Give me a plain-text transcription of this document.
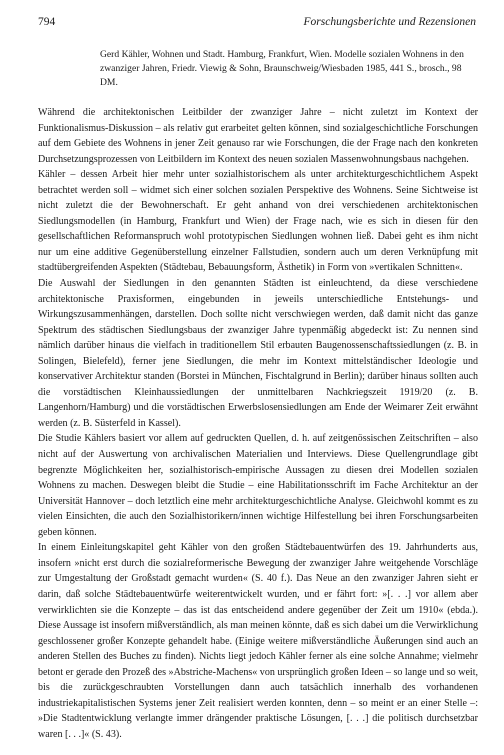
794	Forschungsberichte und Rezensionen

Gerd Kähler, Wohnen und Stadt. Hamburg, Frankfurt, Wien. Modelle sozialen Wohnens in den zwanziger Jahren, Friedr. Viewig & Sohn, Braunschweig/Wiesbaden 1985, 441 S., brosch., 98 DM.

Während die architektonischen Leitbilder der zwanziger Jahre – nicht zuletzt im Kontext der Funktionalismus-Diskussion – als relativ gut erarbeitet gelten können, sind sozialgeschichtliche Forschungen auf dem Gebiete des Wohnens in jener Zeit genauso rar wie Forschungen, die der Frage nach den konkreten Durchsetzungsprozessen von Leitbildern im Kontext des neuen sozialen Massenwohnungsbaus nachgehen.

Kähler – dessen Arbeit hier mehr unter sozialhistorischem als unter architekturgeschichtlichem Aspekt betrachtet werden soll – widmet sich einer solchen sozialen Perspektive des Wohnens. Seine Sichtweise ist nicht zuletzt die der Bewohnerschaft. Er geht anhand von drei verschiedenen architektonischen Siedlungsmodellen (in Hamburg, Frankfurt und Wien) der Frage nach, wie es sich in diesen für den gesellschaftlichen Reformanspruch wohl prototypischen Siedlungen wohnen ließ. Dabei geht es ihm nicht nur um eine additive Gegenüberstellung einzelner Fallstudien, sondern auch um deren Verknüpfung mit stadtübergreifenden Aspekten (Städtebau, Bebauungsform, Ästhetik) in Form von »vertikalen Schnitten«.

Die Auswahl der Siedlungen in den genannten Städten ist einleuchtend, da diese verschiedene architektonische Praxisformen, eingebunden in jeweils unterschiedliche Entstehungs- und Wirkungszusammenhängen, darstellen. Doch sollte nicht verschwiegen werden, daß damit nicht das ganze Spektrum des städtischen Siedlungsbaus der zwanziger Jahre typenmäßig abgedeckt ist: Zu nennen sind nämlich darüber hinaus die vielfach in traditionellem Stil erbauten Baugenossenschaftssiedlungen (z. B. in Solingen, Bielefeld), ferner jene Siedlungen, die mehr im Kontext mittelständischer Ideologie und konservativer Architektur standen (Borstei in München, Fischtalgrund in Berlin); darüber hinaus sollten auch die vorstädtischen Kleinhaussiedlungen der unmittelbaren Nachkriegszeit 1919/20 (z. B. Langenhorn/Hamburg) und die vorstädtischen Erwerbslosensiedlungen am Ende der Weimarer Zeit erwähnt werden (z. B. Süsterfeld in Kassel).

Die Studie Kählers basiert vor allem auf gedruckten Quellen, d. h. auf zeitgenössischen Zeitschriften – also nicht auf der Auswertung von archivalischen Materialien und Interviews. Diese Quellengrundlage gibt begrenzte Möglichkeiten her, sozialhistorisch-empirische Aussagen zu diesen drei Modellen sozialen Wohnens zu machen. Deswegen bleibt die Studie – eine Habilitationsschrift im Fache Architektur an der Universität Hannover – doch letztlich eine mehr architekturgeschichtliche Analyse. Gleichwohl kommt es zu vielen Einsichten, die auch den Sozialhistorikern/innen wichtige Hilfestellung bei ihren Forschungsarbeiten geben können.

In einem Einleitungskapitel geht Kähler von den großen Städtebauentwürfen des 19. Jahrhunderts aus, insofern »nicht erst durch die sozialreformerische Bewegung der zwanziger Jahre weitgehende Vorschläge zur Umgestaltung der Großstadt gemacht wurden« (S. 40 f.). Das Neue an den zwanziger Jahren sieht er darin, daß solche Städtebauentwürfe weiterentwickelt wurden, und er fährt fort: »[. . .] vor allem aber verwirklichten sie die Konzepte – das ist das entscheidend andere gegenüber der Zeit um 1910« (ebda.). Diese Aussage ist insofern mißverständlich, als man meinen könnte, daß es sich dabei um die Verwirklichung geschlossener großer Konzepte gehandelt habe. (Einige weitere mißverständliche Äußerungen sind auch an anderen Stellen des Buches zu finden). Nichts liegt jedoch Kähler ferner als eine solche Annahme; vielmehr betont er gerade den Prozeß des »Abstriche-Machens« von ursprünglich großen Ideen – so lange und so weit, bis die zurückgeschraubten Vorstellungen dann auch tatsächlich innerhalb des vorhandenen industriekapitalistischen Systems jener Zeit realisiert werden konnten, denn – so meint er an einer Stelle –: »Die Stadtentwicklung verlangte immer drängender praktische Lösungen, [. . .] die politisch durchsetzbar waren [. . .]« (S. 43).
